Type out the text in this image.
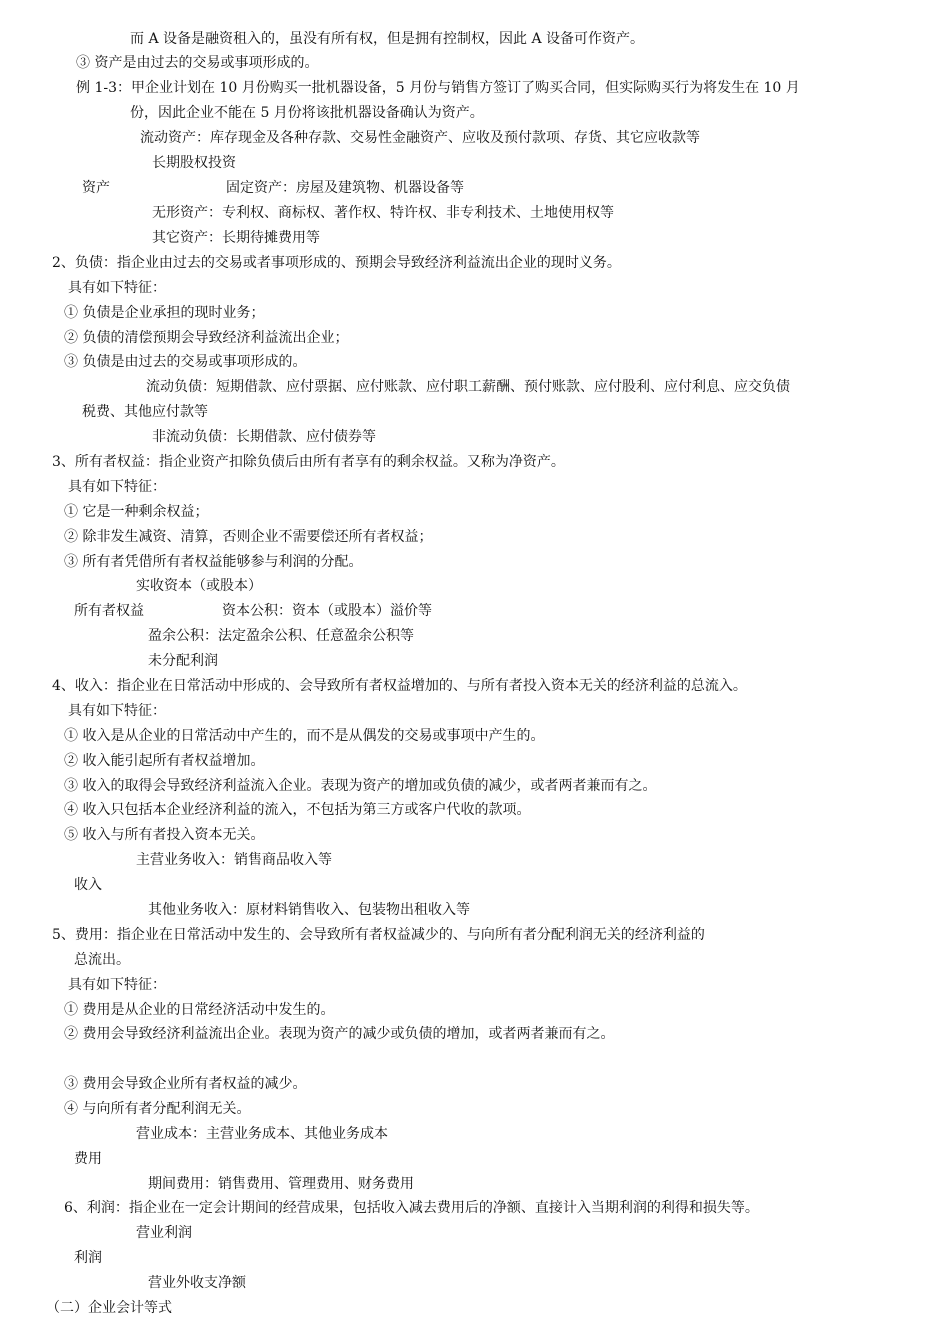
而 A 设备是融资租入的，虽没有所有权，但是拥有控制权，因此 A 设备可作资产。
③ 资产是由过去的交易或事项形成的。
例 1-3：甲企业计划在 10 月份购买一批机器设备，5 月份与销售方签订了购买合同，但实际购买行为将发生在 10 月
份，因此企业不能在 5 月份将该批机器设备确认为资产。
流动资产：库存现金及各种存款、交易性金融资产、应收及预付款项、存货、其它应收款等
长期股权投资
资产	固定资产：房屋及建筑物、机器设备等
无形资产：专利权、商标权、著作权、特许权、非专利技术、土地使用权等
其它资产：长期待摊费用等
2、负债：指企业由过去的交易或者事项形成的、预期会导致经济利益流出企业的现时义务。
具有如下特征：
① 负债是企业承担的现时业务；
② 负债的清偿预期会导致经济利益流出企业；
③ 负债是由过去的交易或事项形成的。
流动负债：短期借款、应付票据、应付账款、应付职工薪酬、预付账款、应付股利、应付利息、应交负债
税费、其他应付款等
非流动负债：长期借款、应付债券等
3、所有者权益：指企业资产扣除负债后由所有者享有的剩余权益。又称为净资产。
具有如下特征：
① 它是一种剩余权益；
② 除非发生减资、清算，否则企业不需要偿还所有者权益；
③ 所有者凭借所有者权益能够参与利润的分配。
实收资本（或股本）
所有者权益	资本公积：资本（或股本）溢价等
盈余公积：法定盈余公积、任意盈余公积等
未分配利润
4、收入：指企业在日常活动中形成的、会导致所有者权益增加的、与所有者投入资本无关的经济利益的总流入。
具有如下特征：
① 收入是从企业的日常活动中产生的，而不是从偶发的交易或事项中产生的。
② 收入能引起所有者权益增加。
③ 收入的取得会导致经济利益流入企业。表现为资产的增加或负债的减少，或者两者兼而有之。
④ 收入只包括本企业经济利益的流入，不包括为第三方或客户代收的款项。
⑤ 收入与所有者投入资本无关。
主营业务收入：销售商品收入等
收入
其他业务收入：原材料销售收入、包装物出租收入等
5、费用：指企业在日常活动中发生的、会导致所有者权益减少的、与向所有者分配利润无关的经济利益的
总流出。
具有如下特征：
① 费用是从企业的日常经济活动中发生的。
② 费用会导致经济利益流出企业。表现为资产的减少或负债的增加，或者两者兼而有之。
③ 费用会导致企业所有者权益的减少。
④ 与向所有者分配利润无关。
营业成本：主营业务成本、其他业务成本
费用
期间费用：销售费用、管理费用、财务费用
6、利润：指企业在一定会计期间的经营成果，包括收入减去费用后的净额、直接计入当期利润的利得和损失等。
营业利润
利润
营业外收支净额
（二）企业会计等式
